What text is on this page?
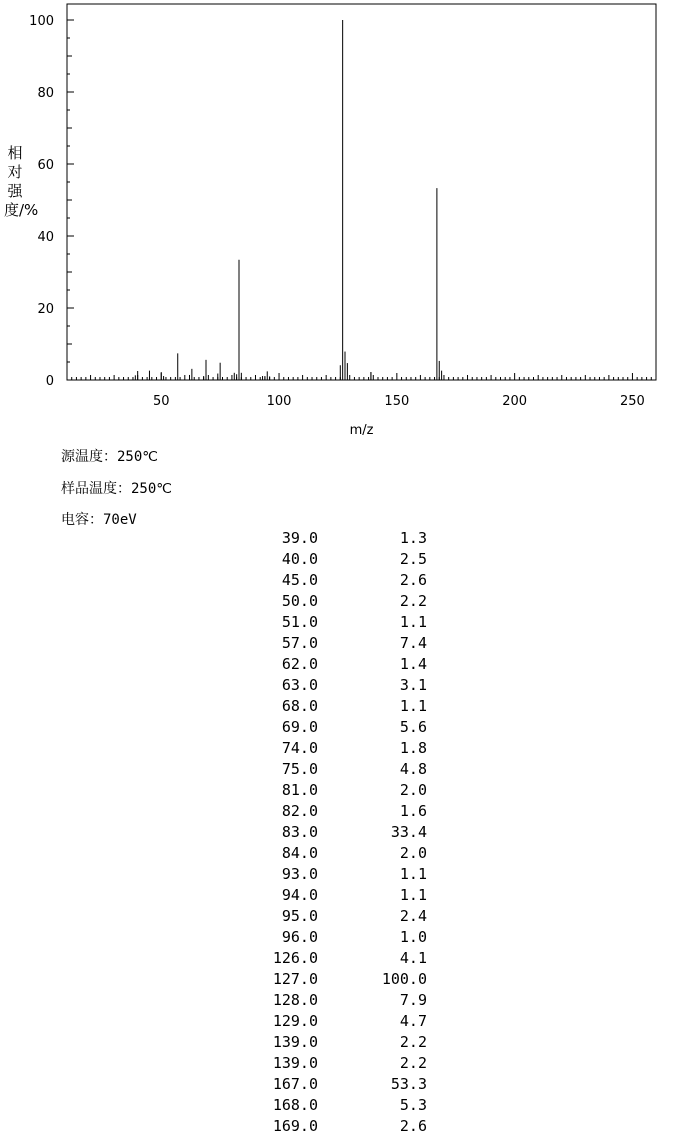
50	100	150	200	250
0
20
40
60
80
100
m/z
相对强度/%
源温度：250℃
样品温度：250℃
电容：70eV
39.0	1.3
40.0	2.5
45.0	2.6
50.0	2.2
51.0	1.1
57.0	7.4
62.0	1.4
63.0	3.1
68.0	1.1
69.0	5.6
74.0	1.8
75.0	4.8
81.0	2.0
82.0	1.6
83.0	33.4
84.0	2.0
93.0	1.1
94.0	1.1
95.0	2.4
96.0	1.0
126.0	4.1
127.0	100.0
128.0	7.9
129.0	4.7
139.0	2.2
139.0	2.2
167.0	53.3
168.0	5.3
169.0	2.6
